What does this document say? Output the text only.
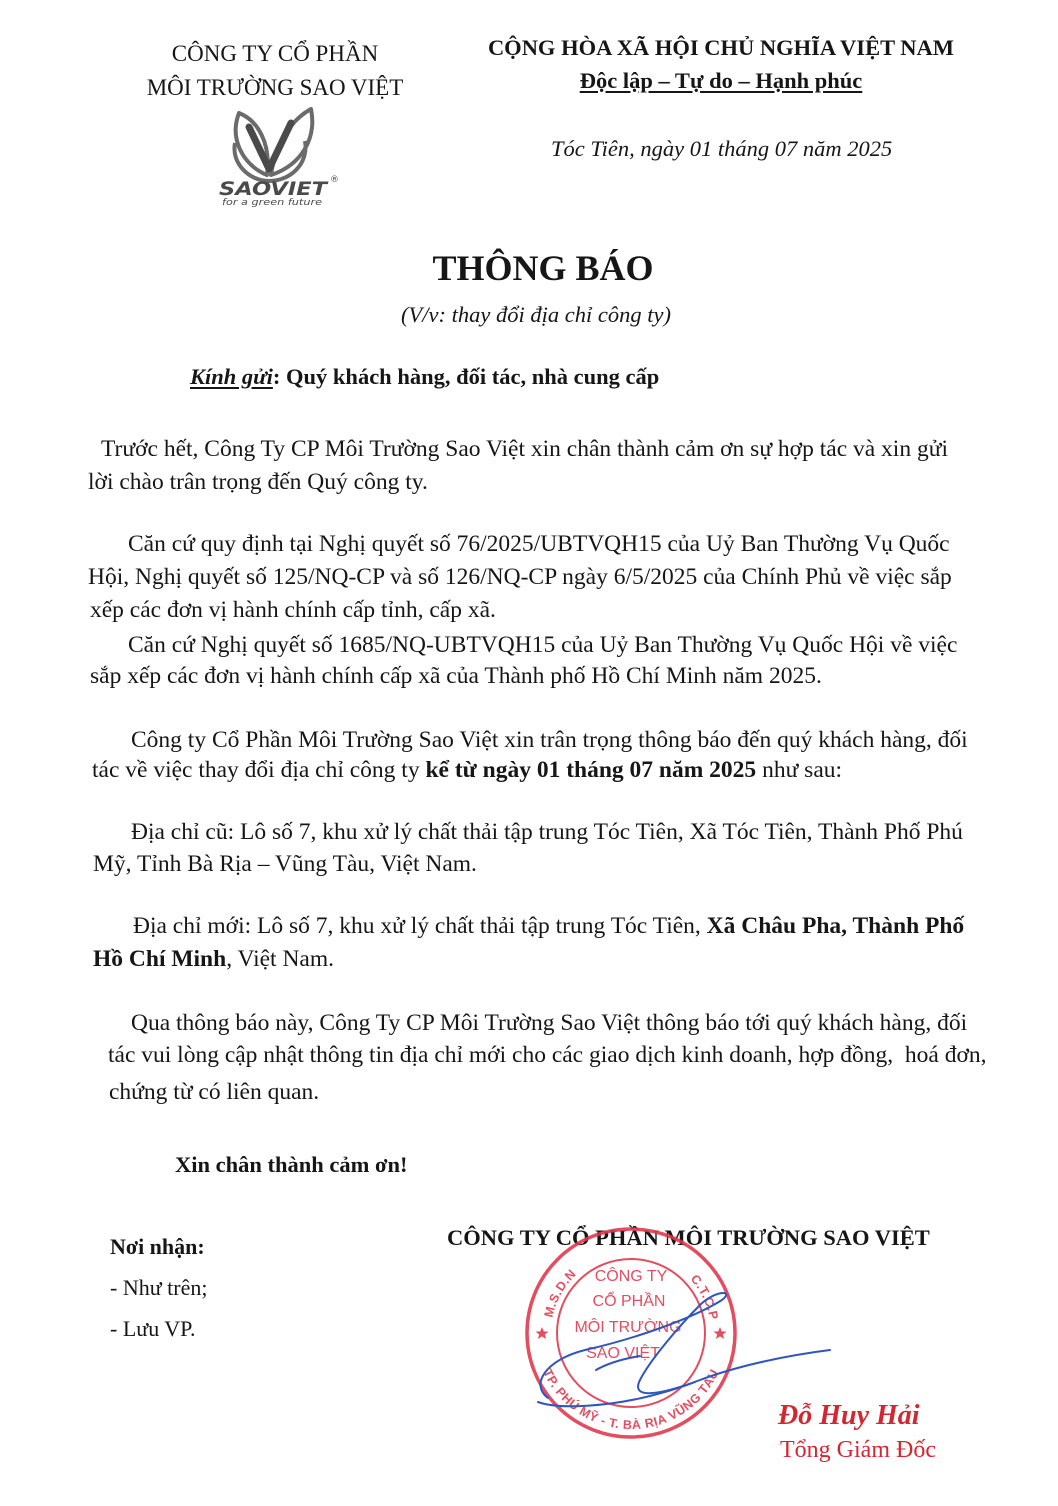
CÔNG TY CỔ PHẦN
MÔI TRƯỜNG SAO VIỆT
SAOVIET ®
for a green future
CỘNG HÒA XÃ HỘI CHỦ NGHĨA VIỆT NAM
Độc lập – Tự do – Hạnh phúc
Tóc Tiên, ngày 01 tháng 07 năm 2025
THÔNG BÁO
(V/v: thay đổi địa chỉ công ty)
Kính gửi: Quý khách hàng, đối tác, nhà cung cấp
Trước hết, Công Ty CP Môi Trường Sao Việt xin chân thành cảm ơn sự hợp tác và xin gửi
lời chào trân trọng đến Quý công ty.
Căn cứ quy định tại Nghị quyết số 76/2025/UBTVQH15 của Uỷ Ban Thường Vụ Quốc
Hội, Nghị quyết số 125/NQ-CP và số 126/NQ-CP ngày 6/5/2025 của Chính Phủ về việc sắp
xếp các đơn vị hành chính cấp tỉnh, cấp xã.
Căn cứ Nghị quyết số 1685/NQ-UBTVQH15 của Uỷ Ban Thường Vụ Quốc Hội về việc
sắp xếp các đơn vị hành chính cấp xã của Thành phố Hồ Chí Minh năm 2025.
Công ty Cổ Phần Môi Trường Sao Việt xin trân trọng thông báo đến quý khách hàng, đối
tác về việc thay đổi địa chỉ công ty kể từ ngày 01 tháng 07 năm 2025 như sau:
Địa chỉ cũ: Lô số 7, khu xử lý chất thải tập trung Tóc Tiên, Xã Tóc Tiên, Thành Phố Phú
Mỹ, Tỉnh Bà Rịa – Vũng Tàu, Việt Nam.
Địa chỉ mới: Lô số 7, khu xử lý chất thải tập trung Tóc Tiên, Xã Châu Pha, Thành Phố
Hồ Chí Minh, Việt Nam.
Qua thông báo này, Công Ty CP Môi Trường Sao Việt thông báo tới quý khách hàng, đối
tác vui lòng cập nhật thông tin địa chỉ mới cho các giao dịch kinh doanh, hợp đồng,  hoá đơn,
chứng từ có liên quan.
Xin chân thành cảm ơn!
Nơi nhận:
- Như trên;
- Lưu VP.
CÔNG TY CỔ PHẦN MÔI TRƯỜNG SAO VIỆT
M.S.D.N	C.T.C.P
TP. PHÚ MỸ - T. BÀ RỊA VŨNG TÀU
CÔNG TY
CỔ PHẦN
MÔI TRƯỜNG
SAO VIỆT
Đỗ Huy Hải
Tổng Giám Đốc
